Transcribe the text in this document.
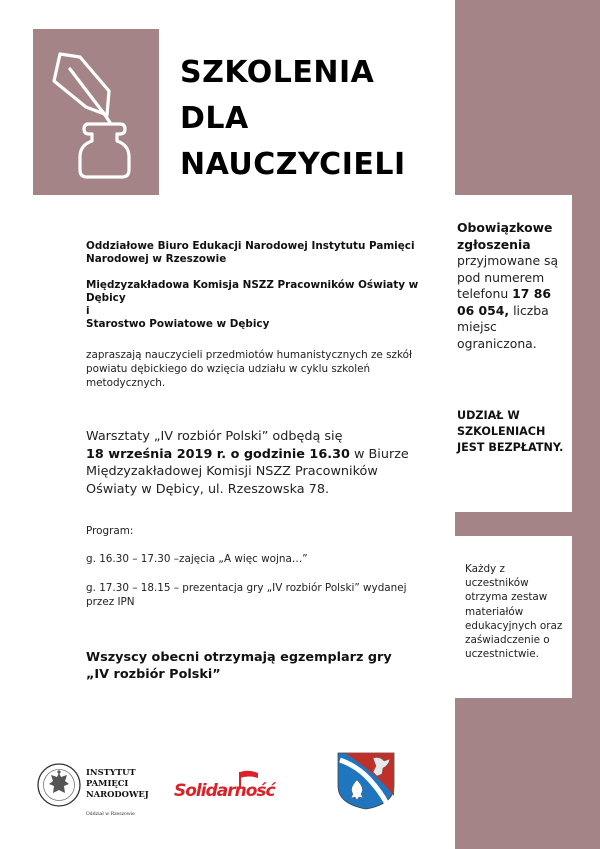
SZKOLENIA
DLA
NAUCZYCIELI

Oddziałowe Biuro Edukacji Narodowej Instytutu Pamięci Narodowej w Rzeszowie

Międzyzakładowa Komisja NSZZ Pracowników Oświaty w Dębicy
i
Starostwo Powiatowe w Dębicy

zapraszają nauczycieli przedmiotów humanistycznych ze szkół powiatu dębickiego do wzięcia udziału w cyklu szkoleń metodycznych.

Warsztaty „IV rozbiór Polski” odbędą się
18 września 2019 r. o godzinie 16.30 w Biurze Międzyzakładowej Komisji NSZZ Pracowników Oświaty w Dębicy, ul. Rzeszowska 78.

Program:

g. 16.30 – 17.30 –zajęcia „A więc wojna…”

g. 17.30 – 18.15 – prezentacja gry „IV rozbiór Polski” wydanej przez IPN

Wszyscy obecni otrzymają egzemplarz gry „IV rozbiór Polski”

Obowiązkowe zgłoszenia przyjmowane są pod numerem telefonu 17 86 06 054, liczba miejsc ograniczona.

UDZIAŁ W SZKOLENIACH JEST BEZPŁATNY.

Każdy z uczestników otrzyma zestaw materiałów edukacyjnych oraz zaświadczenie o uczestnictwie.

INSTYTUT
PAMIĘCI
NARODOWEJ

Oddział w Rzeszowie

Solidarność
